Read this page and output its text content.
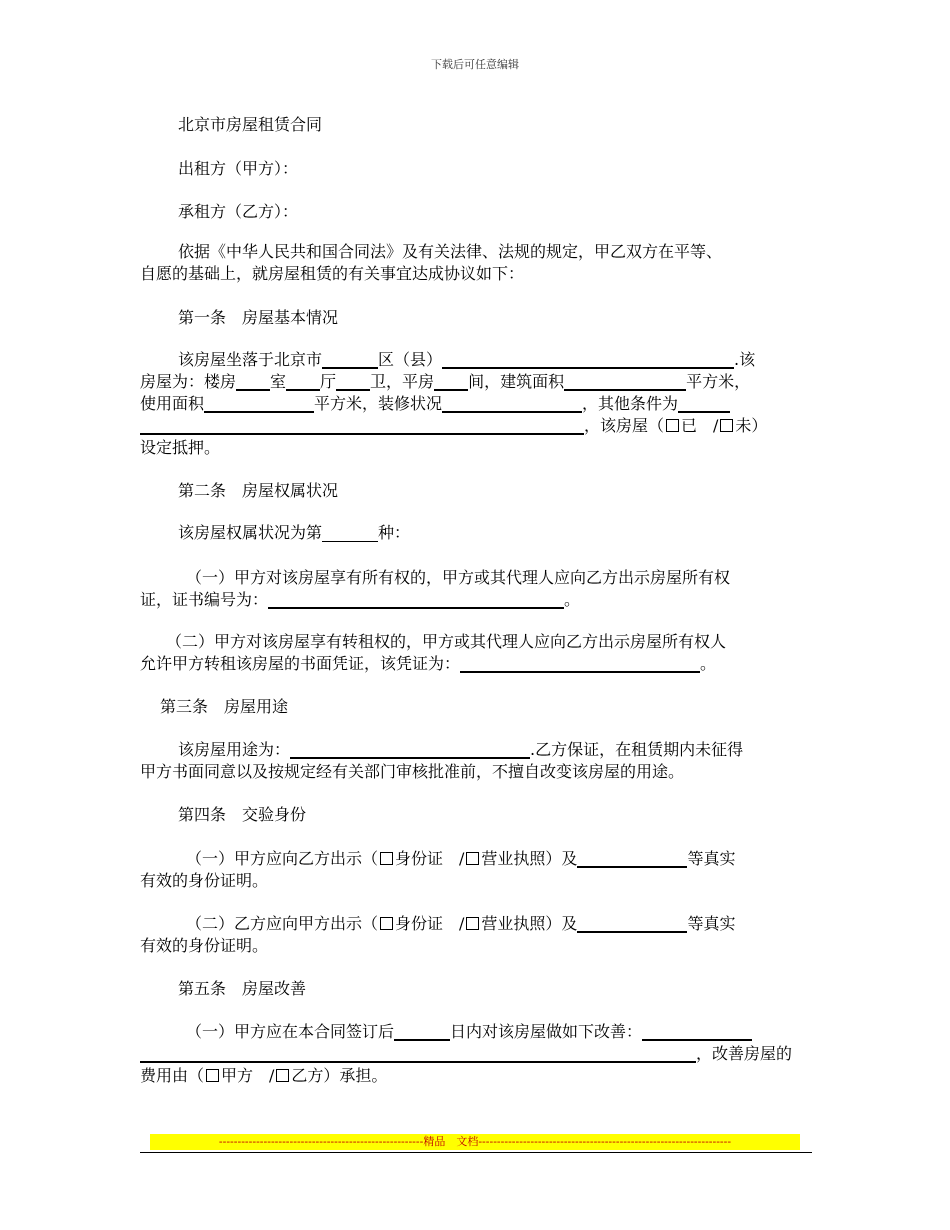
下载后可任意编辑

北京市房屋租赁合同

出租方（甲方）：

承租方（乙方）：

依据《中华人民共和国合同法》及有关法律、法规的规定，甲乙双方在平等、
自愿的基础上，就房屋租赁的有关事宜达成协议如下：

第一条　房屋基本情况

该房屋坐落于北京市	区（县）	.该
房屋为：楼房 室 厅 卫，平房 间，建筑面积	平方米，
使用面积	平方米，装修状况	，其他条件为
，该房屋（ 已　/ 未）
设定抵押。

第二条　房屋权属状况

该房屋权属状况为第	种：

（一）甲方对该房屋享有所有权的，甲方或其代理人应向乙方出示房屋所有权
证，证书编号为：	。
（二）甲方对该房屋享有转租权的，甲方或其代理人应向乙方出示房屋所有权人
允许甲方转租该房屋的书面凭证，该凭证为：	。

第三条　房屋用途

该房屋用途为：	.乙方保证，在租赁期内未征得
甲方书面同意以及按规定经有关部门审核批准前，不擅自改变该房屋的用途。

第四条　交验身份

（一）甲方应向乙方出示（ 身份证　/ 营业执照）及	等真实
有效的身份证明。
（二）乙方应向甲方出示（ 身份证　/ 营业执照）及	等真实
有效的身份证明。

第五条　房屋改善

（一）甲方应在本合同签订后	日内对该房屋做如下改善：
，改善房屋的
费用由（ 甲方　/ 乙方）承担。
-------------------------------------------------------精品　文档--------------------------------------------------------------------
